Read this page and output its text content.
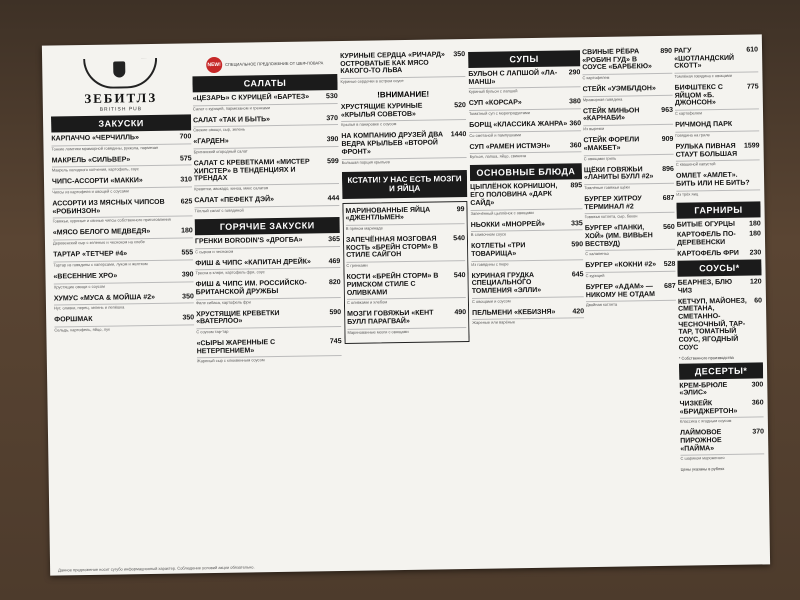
ЗЕБИТЛЗ
BRITISH PUB
ЗАКУСКИ
КАРПАЧЧО «ЧЕРЧИЛЛЬ»	700
Тонкие ломтики мраморной говядины, руккола, пармезан
МАКРЕЛЬ «СИЛЬВЕР»	575
Макрель холодного копчения, картофель, соус
ЧИПС-АССОРТИ «МАККИ»	310
Чипсы из картофеля и овощей с соусами
АССОРТИ ИЗ МЯСНЫХ ЧИПСОВ «РОБИНЗОН»
625
Говяжьи, куриные и свиные чипсы собственного приготовления
«МЯСО БЕЛОГО МЕДВЕДЯ»	180
Деревенский сыр с зеленью и чесноком на хлебе
ТАРТАР «ТЕТЧЕР #4»	555
Тартар из говядины с каперсами, луком и желтком
«ВЕСЕННИЕ ХРО»	390
Хрустящие овощи с соусом
ХУМУС «МУСА & МОЙША #2»	350
Нут, оливки, перец, зелень и лепёшка
ФОРШМАК	350
Сельдь, картофель, яйцо, лук
NEW! СПЕЦИАЛЬНОЕ ПРЕДЛОЖЕНИЕ ОТ ШЕФ-ПОВАРА
САЛАТЫ
«ЦЕЗАРЬ» С КУРИЦЕЙ «БАРТЕЗ» 530
Салат с курицей, пармезаном и гренками
САЛАТ «ТАК И БЫТЬ»	370
Свежие овощи, сыр, зелень
«ГАРДЕН»	390
Британский огородный салат
САЛАТ С КРЕВЕТКАМИ «МИСТЕР ХИПСТЕР» В ТЕНДЕНЦИЯХ И ТРЕНДАХ
599
Креветки, авокадо, киноа, микс салатов
САЛАТ «ПЕФЕКТ ДЭЙ»	444
Тёплый салат с говядиной
ГОРЯЧИЕ ЗАКУСКИ
ГРЕНКИ BORODIN'S «ДРОГБА»	365
С сыром и чесноком
ФИШ & ЧИПС «КАПИТАН ДРЕЙК»	469
Треска в кляре, картофель фри, соус
ФИШ & ЧИПС ИМ. РОССИЙСКО-БРИТАНСКОЙ ДРУЖБЫ
820
Филе сибаса, картофель фри
ХРУСТЯЩИЕ КРЕВЕТКИ «ВАТЕРЛОО»
590
С соусом тар-тар
«СЫРЫ ЖАРЕННЫЕ С НЕТЕРПЕНИЕМ»
745
Жареный сыр с клюквенным соусом
КУРИНЫЕ СЕРДЦА «РИЧАРД» ОСТРОВАТЫЕ КАК МЯСО КАКОГО-ТО ЛЬВА
350
Куриные сердечки в остром соусе
!ВНИМАНИЕ!
ХРУСТЯЩИЕ КУРИНЫЕ «КРЫЛЬЯ СОВЕТОВ»
520
Крылья в панировке с соусом
НА КОМПАНИЮ ДРУЗЕЙ ДВА ВЕДРА КРЫЛЬЕВ «ВТОРОЙ ФРОНТ»
1440
Большая порция крыльев
КСТАТИ! У НАС ЕСТЬ МОЗГИ И ЯЙЦА
МАРИНОВАННЫЕ ЯЙЦА «ДЖЕНТЛЬМЕН»
99
В пряном маринаде
ЗАПЕЧЁННАЯ МОЗГОВАЯ КОСТЬ «БРЕЙН СТОРМ» В СТИЛЕ САЙГОН
540
С гренками
КОСТИ «БРЕЙН СТОРМ» В РИМСКОМ СТИЛЕ С ОЛИВКАМИ
540
С оливками и хлебом
МОЗГИ ГОВЯЖЬИ «КЕНТ БУЛЛ ПАРАГВАЙ»
490
Маринованные мозги с овощами
СУПЫ
БУЛЬОН С ЛАПШОЙ «ЛА-МАНШ»
290
Куриный бульон с лапшой
СУП «КОРСАР»	380
Томатный суп с морепродуктами
БОРЩ «КЛАССИКА ЖАНРА» 360
Со сметаной и пампушками
СУП «РАМЕН ИСТМЭН»	360
Бульон, лапша, яйцо, свинина
ОСНОВНЫЕ БЛЮДА
ЦЫПЛЁНОК КОРНИШОН, ЕГО ПОЛОВИНА «ДАРК САЙД»
895
Запечённый цыплёнок с овощами
НЬОККИ «МНОРРЕЙ»	335
В сливочном соусе
КОТЛЕТЫ «ТРИ ТОВАРИЩА»
590
Из говядины с пюре
КУРИНАЯ ГРУДКА СПЕЦИАЛЬНОГО ТОМЛЕНИЯ «ЭЛЛИ»
645
С овощами и соусом
ПЕЛЬМЕНИ «КЕБИЗНЯ» 420
Жареные или варёные
СВИНЫЕ РЁБРА «РОБИН ГУД» В СОУСЕ «БАРБЕКЮ»
890
С картофелем
СТЕЙК «УЭМБЛДОН»
Мраморная говядина
СТЕЙК МИНЬОН «КАРНАБИ»
963
Из вырезки
СТЕЙК ФОРЕЛИ «МАКБЕТ»
909
С овощами гриль
ЩЁКИ ГОВЯЖЬИ «ЛАНИТЫ БУЛЛ #2»
896
Томлёные говяжьи щёки
БУРГЕР ХИТРОУ ТЕРМИНАЛ #2
687
Говяжья котлета, сыр, бекон
БУРГЕР «ПАНКИ, ХОЙ» (ИМ. ВИВЬЕН ВЕСТВУД)
560
С халапеньо
БУРГЕР «КОКНИ #2» 528
С курицей
БУРГЕР «АДАМ» — НИКОМУ НЕ ОТДАМ
687
Двойная котлета
РАГУ «ШОТЛАНДСКИЙ СКОТТ»
610
Томлёная говядина с овощами
БИФШТЕКС С ЯЙЦОМ «Б. ДЖОНСОН»
775
С картофелем
РИЧМОНД ПАРК
Говядина на гриле
РУЛЬКА ПИВНАЯ СТАУТ БОЛЬШАЯ
1599
С квашеной капустой
ОМЛЕТ «АМЛЕТ». БИТЬ ИЛИ НЕ БИТЬ?
Из трёх яиц
ГАРНИРЫ
БИТЫЕ ОГУРЦЫ 180
КАРТОФЕЛЬ ПО-ДЕРЕВЕНСКИ
180
КАРТОФЕЛЬ ФРИ 230
СОУСЫ*
БЕАРНЕЗ, БЛЮ ЧИЗ
120
КЕТЧУП, МАЙОНЕЗ, СМЕТАНА, СМЕТАННО-ЧЕСНОЧНЫЙ, ТАР-ТАР, ТОМАТНЫЙ СОУС, ЯГОДНЫЙ СОУС
60
* Собственного производства
ДЕСЕРТЫ*
КРЕМ-БРЮЛЕ «ЭЛИС»
300
ЧИЗКЕЙК «БРИДЖЕРТОН»
360
Классика с ягодным соусом
ЛАЙМОВОЕ ПИРОЖНОЕ «ПАЙМА»
370
С шариком мороженого
Цены указаны в рублях
Данное предложение носит сугубо информационный характер. Соблюдение условий акции обязательно.
